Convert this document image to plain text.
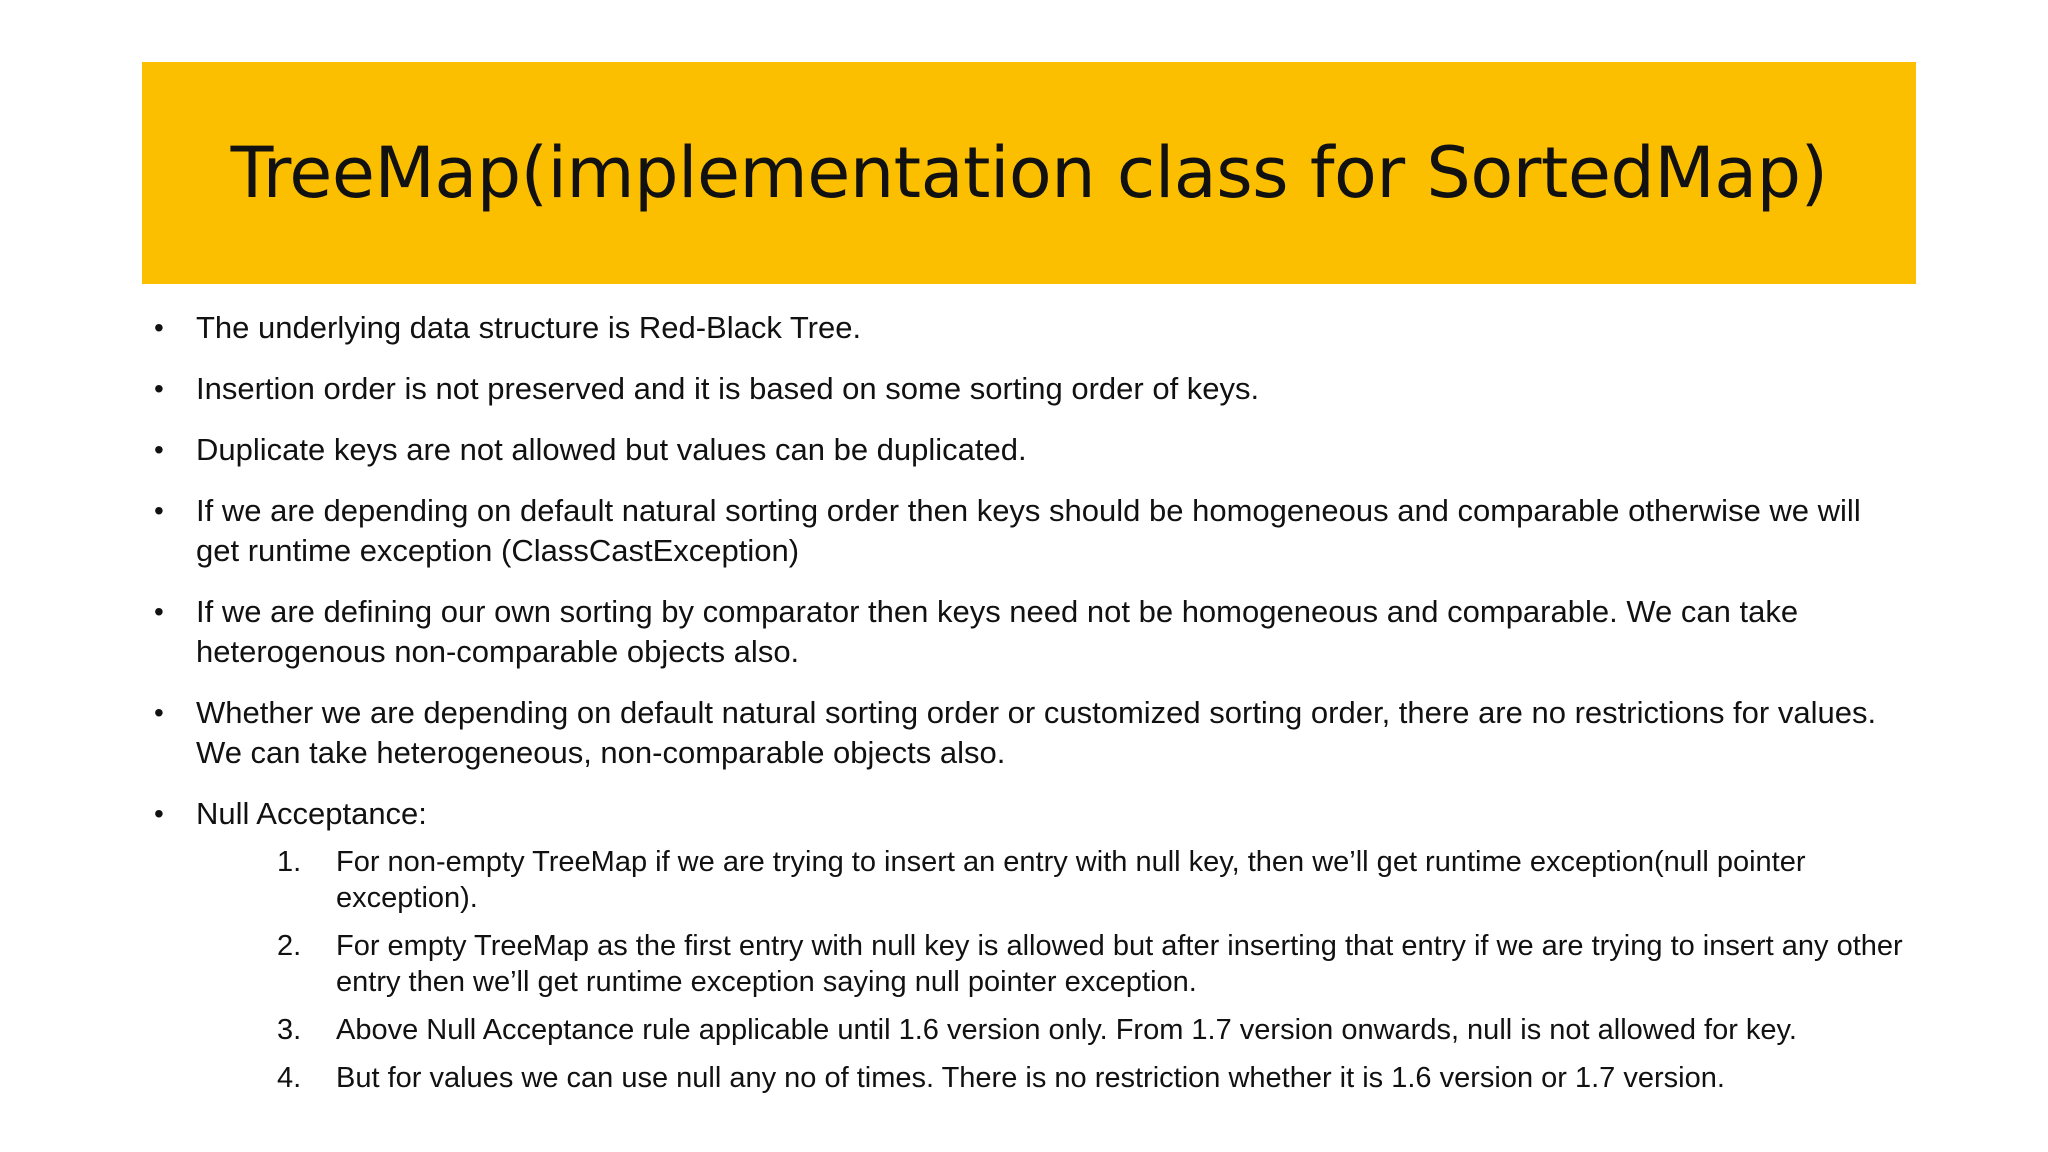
TreeMap(implementation class for SortedMap)
• The underlying data structure is Red-Black Tree.
• Insertion order is not preserved and it is based on some sorting order of keys.
• Duplicate keys are not allowed but values can be duplicated.
• If we are depending on default natural sorting order then keys should be homogeneous and comparable otherwise we will get runtime exception (ClassCastException)
• If we are defining our own sorting by comparator then keys need not be homogeneous and comparable. We can take heterogenous non-comparable objects also.
• Whether we are depending on default natural sorting order or customized sorting order, there are no restrictions for values. We can take heterogeneous, non-comparable objects also.
• Null Acceptance:
1. For non-empty TreeMap if we are trying to insert an entry with null key, then we’ll get runtime exception(null pointer exception).
2. For empty TreeMap as the first entry with null key is allowed but after inserting that entry if we are trying to insert any other entry then we’ll get runtime exception saying null pointer exception.
3. Above Null Acceptance rule applicable until 1.6 version only. From 1.7 version onwards, null is not allowed for key.
4. But for values we can use null any no of times. There is no restriction whether it is 1.6 version or 1.7 version.
